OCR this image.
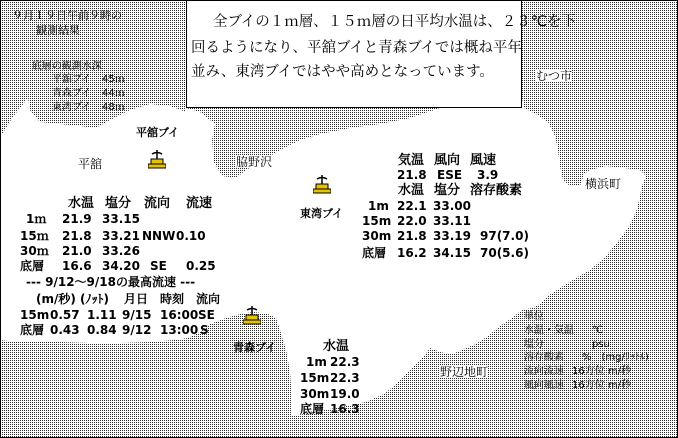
９月１９日午前９時の
観測結果
全ブイの１ｍ層、１５ｍ層の日平均水温は、２３℃を下
回るようになり、平舘ブイと青森ブイでは概ね平年
並み、東湾ブイではやや高めとなっています。
底層の観測水深
平舘ブイ 45ｍ
青森ブイ 44ｍ
東湾ブイ 48ｍ
むつ市
平舘	脇野沢
横浜町
野辺地町
平舘ブイ
東湾ブイ
青森ブイ
水温 塩分 流向 流速
1ｍ 21.9 33.15
15ｍ 21.8 33.21 NNW 0.10
30ｍ 21.0 33.26
底層 16.6 34.20 SE 0.25
--- 9/12～9/18の最高流速 ---
(m/秒) (ﾉｯﾄ) 月日 時刻 流向
15m 0.57 1.11 9/15 16:00 SE
底層 0.43 0.84 9/12 13:00 S
気温 風向 風速
21.8 ESE 3.9
水温 塩分 溶存酸素
1m 22.1 33.00
15m 22.0 33.11
30m 21.8 33.19 97(7.0)
底層 16.2 34.15 70(5.6)
水温
1m 22.3
15m 22.3
30m 19.0
底層 16.3
単位
水温・気温 ℃
塩分	psu
溶存酸素 %　(mg/ﾘｯﾄﾙ)
流向流速 16方位 m/秒
風向風速 16方位 m/秒
